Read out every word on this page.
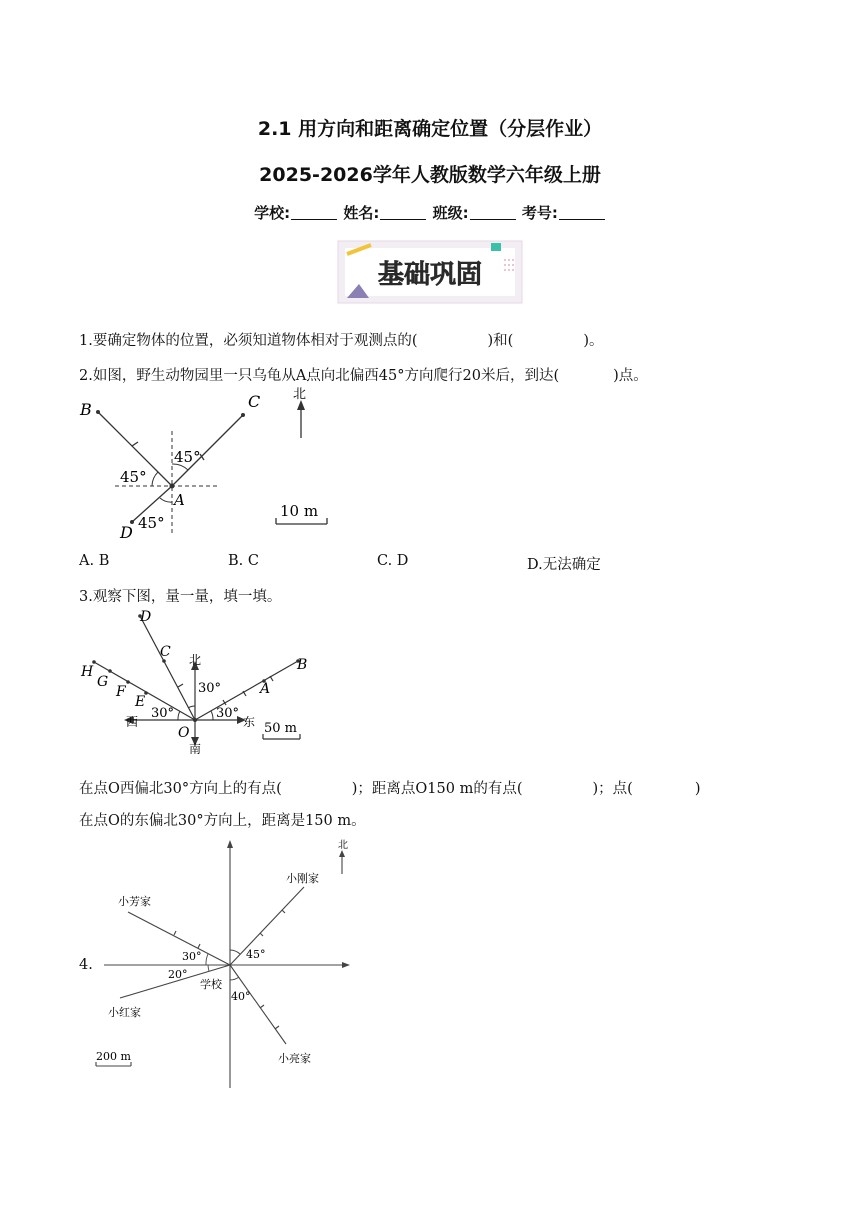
2.1 用方向和距离确定位置（分层作业）
2025-2026学年人教版数学六年级上册
学校:	姓名:	班级:	考号:
基础巩固
1.要确定物体的位置，必须知道物体相对于观测点的(	)和(	)。
2.如图，野生动物园里一只乌龟从A点向北偏西45°方向爬行20米后，到达(	)点。
B	C
A
D
45°
45°
45°
北
10 m
A. B	B. C	C. D	D.无法确定
3.观察下图，量一量，填一填。
D
C
B
A
H
G
F
E
O
北
南
西	东
30°
30°	30°
50 m
在点O西偏北30°方向上的有点(	)；距离点O150 m的有点(	)；点(	)
在点O的东偏北30°方向上，距离是150 m。
4.
北
小刚家
小芳家
小红家
小亮家
学校
30°	45°
20°
40°
200 m
